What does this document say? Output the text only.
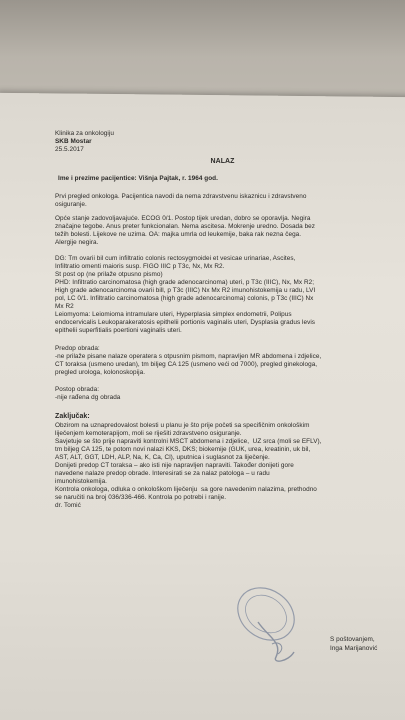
Klinika za onkologiju
SKB Mostar
25.5.2017
NALAZ
Ime i prezime pacijentice: Višnja Pajtak, r. 1964 god.
Prvi pregled onkologa. Pacijentica navodi da nema zdravstvenu iskaznicu i zdravstveno
osiguranje.
Opće stanje zadovoljavajuće. ECOG 0/1. Postop tijek uredan, dobro se oporavlja. Negira
značajne tegobe. Anus preter funkcionalan. Nema ascitesa. Mokrenje uredno. Dosada bez
težih bolesti. Lijekove ne uzima. OA: majka umrla od leukemije, baka rak nezna čega.
Alergije negira.
DG: Tm ovarii bil cum infiltratio colonis rectosygmoidei et vesicae urinariae, Ascites,
Infiltratio omenti maioris susp. FIGO IIIC p T3c, Nx, Mx R2.
St post op (ne prilaže otpusno pismo)
PHD: Infiltratio carcinomatosa (high grade adenocarcinoma) uteri, p T3c (IIIC), Nx, Mx R2;
High grade adenocarcinoma ovarii bill, p T3c (IIIC) Nx Mx R2 imunohistokemija u radu, LVI
pol, LC 0/1. Infiltratio carcinomatosa (high grade adenocarcinoma) colonis, p T3c (IIIC) Nx
Mx R2
Leiomyoma: Leiomioma intramulare uteri, Hyperplasia simplex endometrii, Polipus
endocervicalis Leukoparakeratosis epithelii portionis vaginalis uteri, Dysplasia gradus levis
epithelii superfitialis poertioni vaginalis uteri.
Predop obrada:
-ne prilaže pisane nalaze operatera s otpusnim pismom, napravljen MR abdomena i zdjelice,
CT toraksa (usmeno uredan), tm biljeg CA 125 (usmeno veći od 7000), pregled ginekologa,
pregled urologa, kolonoskopija.
Postop obrada:
-nije rađena dg obrada
Zaključak:
Obzirom na uznapredovalost bolesti u planu je što prije početi sa specifičnim onkološkim
liječenjem kemoterapijom, moli se riješiti zdravstveno osiguranje.
Savjetuje se što prije napraviti kontrolni MSCT abdomena i zdjelice,  UZ srca (moli se EFLV),
tm biljeg CA 125, te potom novi nalazi KKS, DKS; biokemije (GUK, urea, kreatinin, uk bil,
AST, ALT, GGT, LDH, ALP, Na, K, Ca, Cl), uputnica i suglasnot za liječenje.
Donijeti predop CT toraksa – ako isti nije napravljen napraviti. Također donijeti gore
navedene nalaze predop obrade. Interesirati se za nalaz patologa – u radu
imunohistokemija.
Kontrola onkologa, odluka o onkološkom liječenju  sa gore navedenim nalazima, prethodno
se naručiti na broj 036/336-466. Kontrola po potrebi i ranije.
dr. Tomić
S poštovanjem,
Inga Marijanović
